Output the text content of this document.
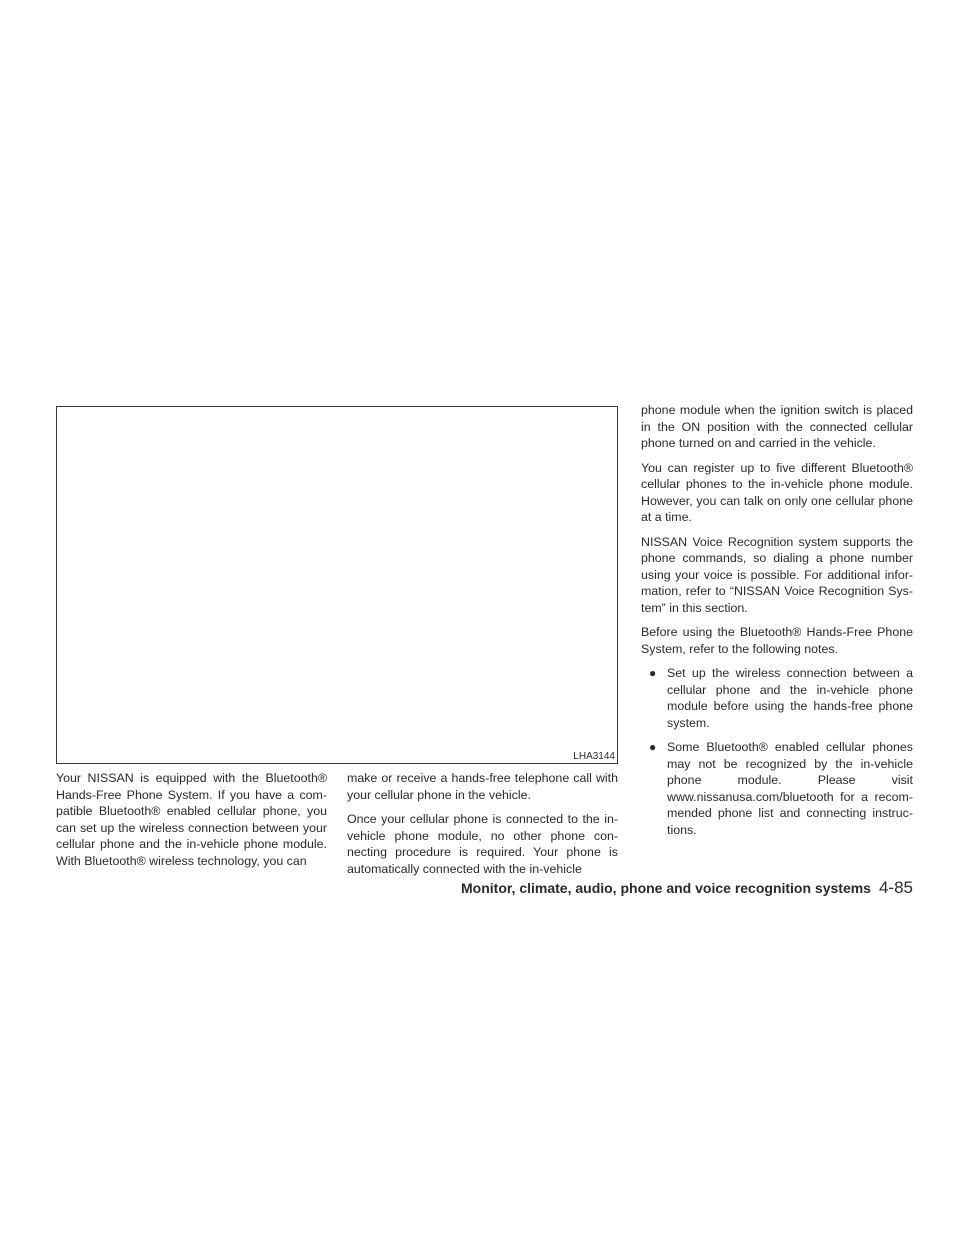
LHA3144

Your NISSAN is equipped with the Bluetooth® Hands-Free Phone System. If you have a com-patible Bluetooth® enabled cellular phone, you can set up the wireless connection between your cellular phone and the in-vehicle phone module. With Bluetooth® wireless technology, you can

make or receive a hands-free telephone call with your cellular phone in the vehicle.

Once your cellular phone is connected to the in-vehicle phone module, no other phone con-necting procedure is required. Your phone is automatically connected with the in-vehicle

phone module when the ignition switch is placed in the ON position with the connected cellular phone turned on and carried in the vehicle.

You can register up to five different Bluetooth® cellular phones to the in-vehicle phone module. However, you can talk on only one cellular phone at a time.

NISSAN Voice Recognition system supports the phone commands, so dialing a phone number using your voice is possible. For additional infor-mation, refer to “NISSAN Voice Recognition Sys-tem” in this section.

Before using the Bluetooth® Hands-Free Phone System, refer to the following notes.

● Set up the wireless connection between a cellular phone and the in-vehicle phone module before using the hands-free phone system.
● Some Bluetooth® enabled cellular phones may not be recognized by the in-vehicle phone module. Please visit www.nissanusa.com/bluetooth for a recom-mended phone list and connecting instruc-tions.
Monitor, climate, audio, phone and voice recognition systems 4-85
